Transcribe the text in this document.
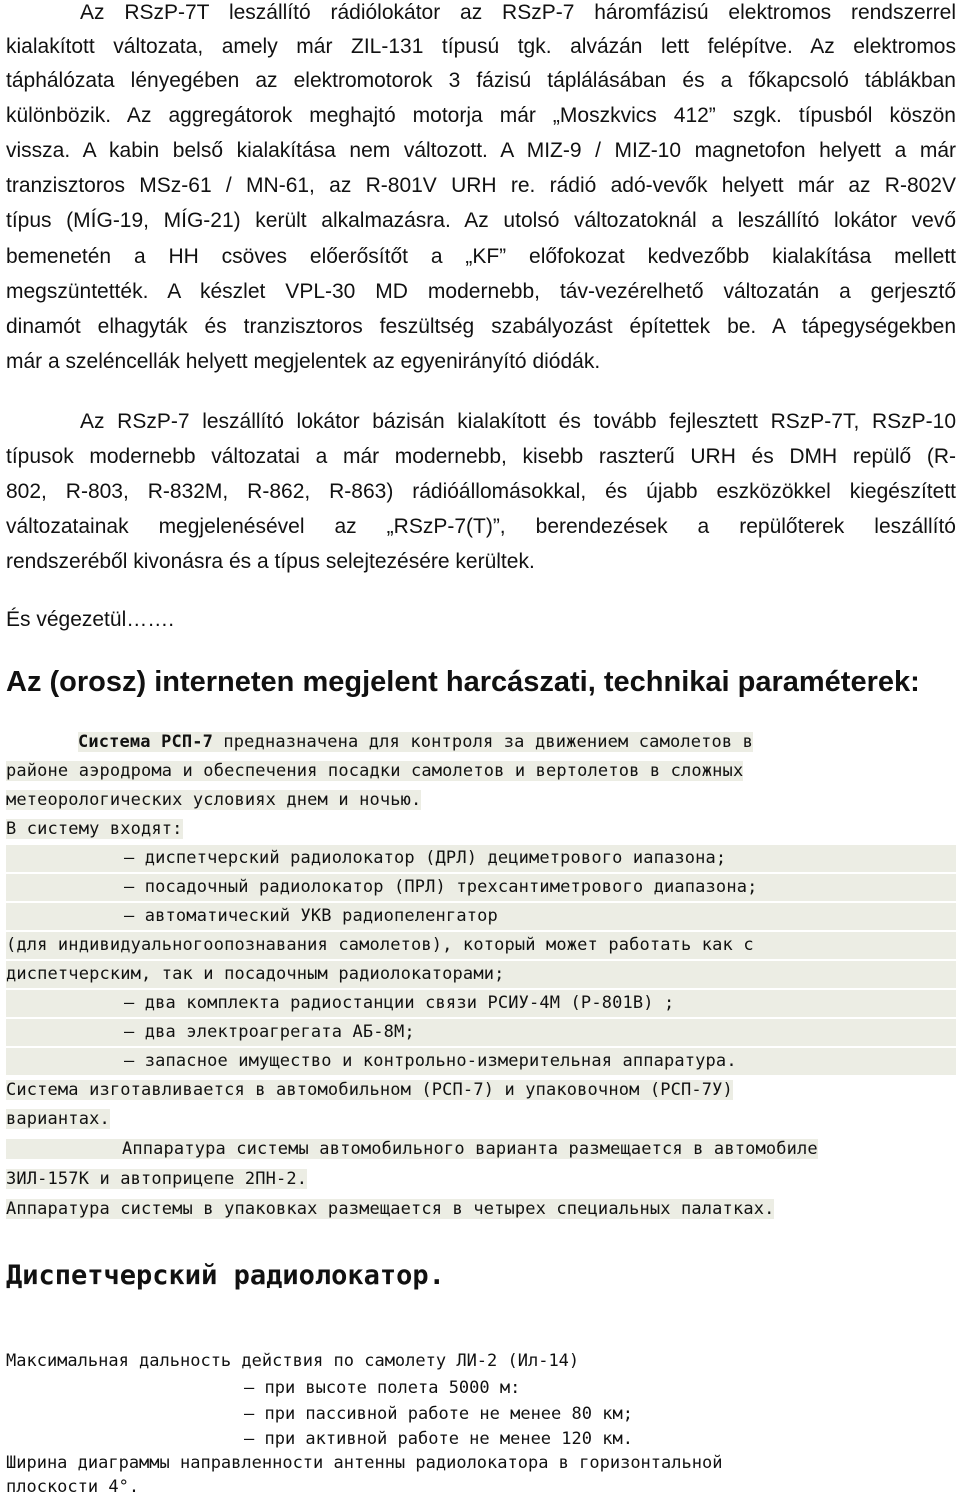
Az RSzP-7T leszállító rádiólokátor az RSzP-7 háromfázisú elektromos rendszerrel
kialakított változata, amely már ZIL-131 típusú tgk. alvázán lett felépítve. Az elektromos
táphálózata lényegében az elektromotorok 3 fázisú táplálásában és a főkapcsoló táblákban
különbözik. Az aggregátorok meghajtó motorja már „Moszkvics 412” szgk. típusból köszön
vissza. A kabin belső kialakítása nem változott. A MIZ-9 / MIZ-10 magnetofon helyett a már
tranzisztoros MSz-61 / MN-61, az R-801V URH re. rádió adó-vevők helyett már az R-802V
típus (MÍG-19, MÍG-21) került alkalmazásra. Az utolsó változatoknál a leszállító lokátor vevő
bemenetén a HH csöves előerősítőt a „KF” előfokozat kedvezőbb kialakítása mellett
megszüntették. A készlet VPL-30 MD modernebb, táv-vezérelhető változatán a gerjesztő
dinamót elhagyták és tranzisztoros feszültség szabályozást építettek be. A tápegységekben
már a szeléncellák helyett megjelentek az egyenirányító diódák.
Az RSzP-7 leszállító lokátor bázisán kialakított és tovább fejlesztett RSzP-7T, RSzP-10
típusok modernebb változatai a már modernebb, kisebb raszterű URH és DMH repülő (R-
802, R-803, R-832M, R-862, R-863) rádióállomásokkal, és újabb eszközökkel kiegészített
változatainak megjelenésével az „RSzP-7(T)”, berendezések a repülőterek leszállító
rendszeréből kivonásra és a típus selejtezésére kerültek.
És végezetül…….
Az (orosz) interneten megjelent harcászati, technikai paraméterek:
Система РСП-7 предназначена для контроля за движением самолетов в
районе аэродрома и обеспечения посадки самолетов и вертолетов в сложных
метеорологических условиях днем и ночью.
В систему входят:
— диспетчерский радиолокатор (ДРЛ) дециметрового иапазона;
— посадочный радиолокатор (ПРЛ) трехсантиметрового диапазона;
— автоматический УКВ радиопеленгатор
(для индивидуальногоопознавания самолетов), который может работать как с
диспетчерским, так и посадочным радиолокаторами;
— два комплекта радиостанции связи РСИУ-4М (Р-801В) ;
— два электроагрегата АБ-8М;
— запасное имущество и контрольно-измерительная аппаратура.
Система изготавливается в автомобильном (РСП-7) и упаковочном (РСП-7У)
вариантах.
Аппаратура системы автомобильного варианта размещается в автомобиле
ЗИЛ-157К и автоприцепе 2ПН-2.
Аппаратура системы в упаковках размещается в четырех специальных палатках.
Диспетчерский радиолокатор.
Максимальная дальность действия по самолету ЛИ-2 (Ил-14)
— при высоте полета 5000 м:
— при пассивной работе не менее 80 км;
— при активной работе не менее 120 км.
Ширина диаграммы направленности антенны радиолокатора в горизонтальной
плоскости 4°.
